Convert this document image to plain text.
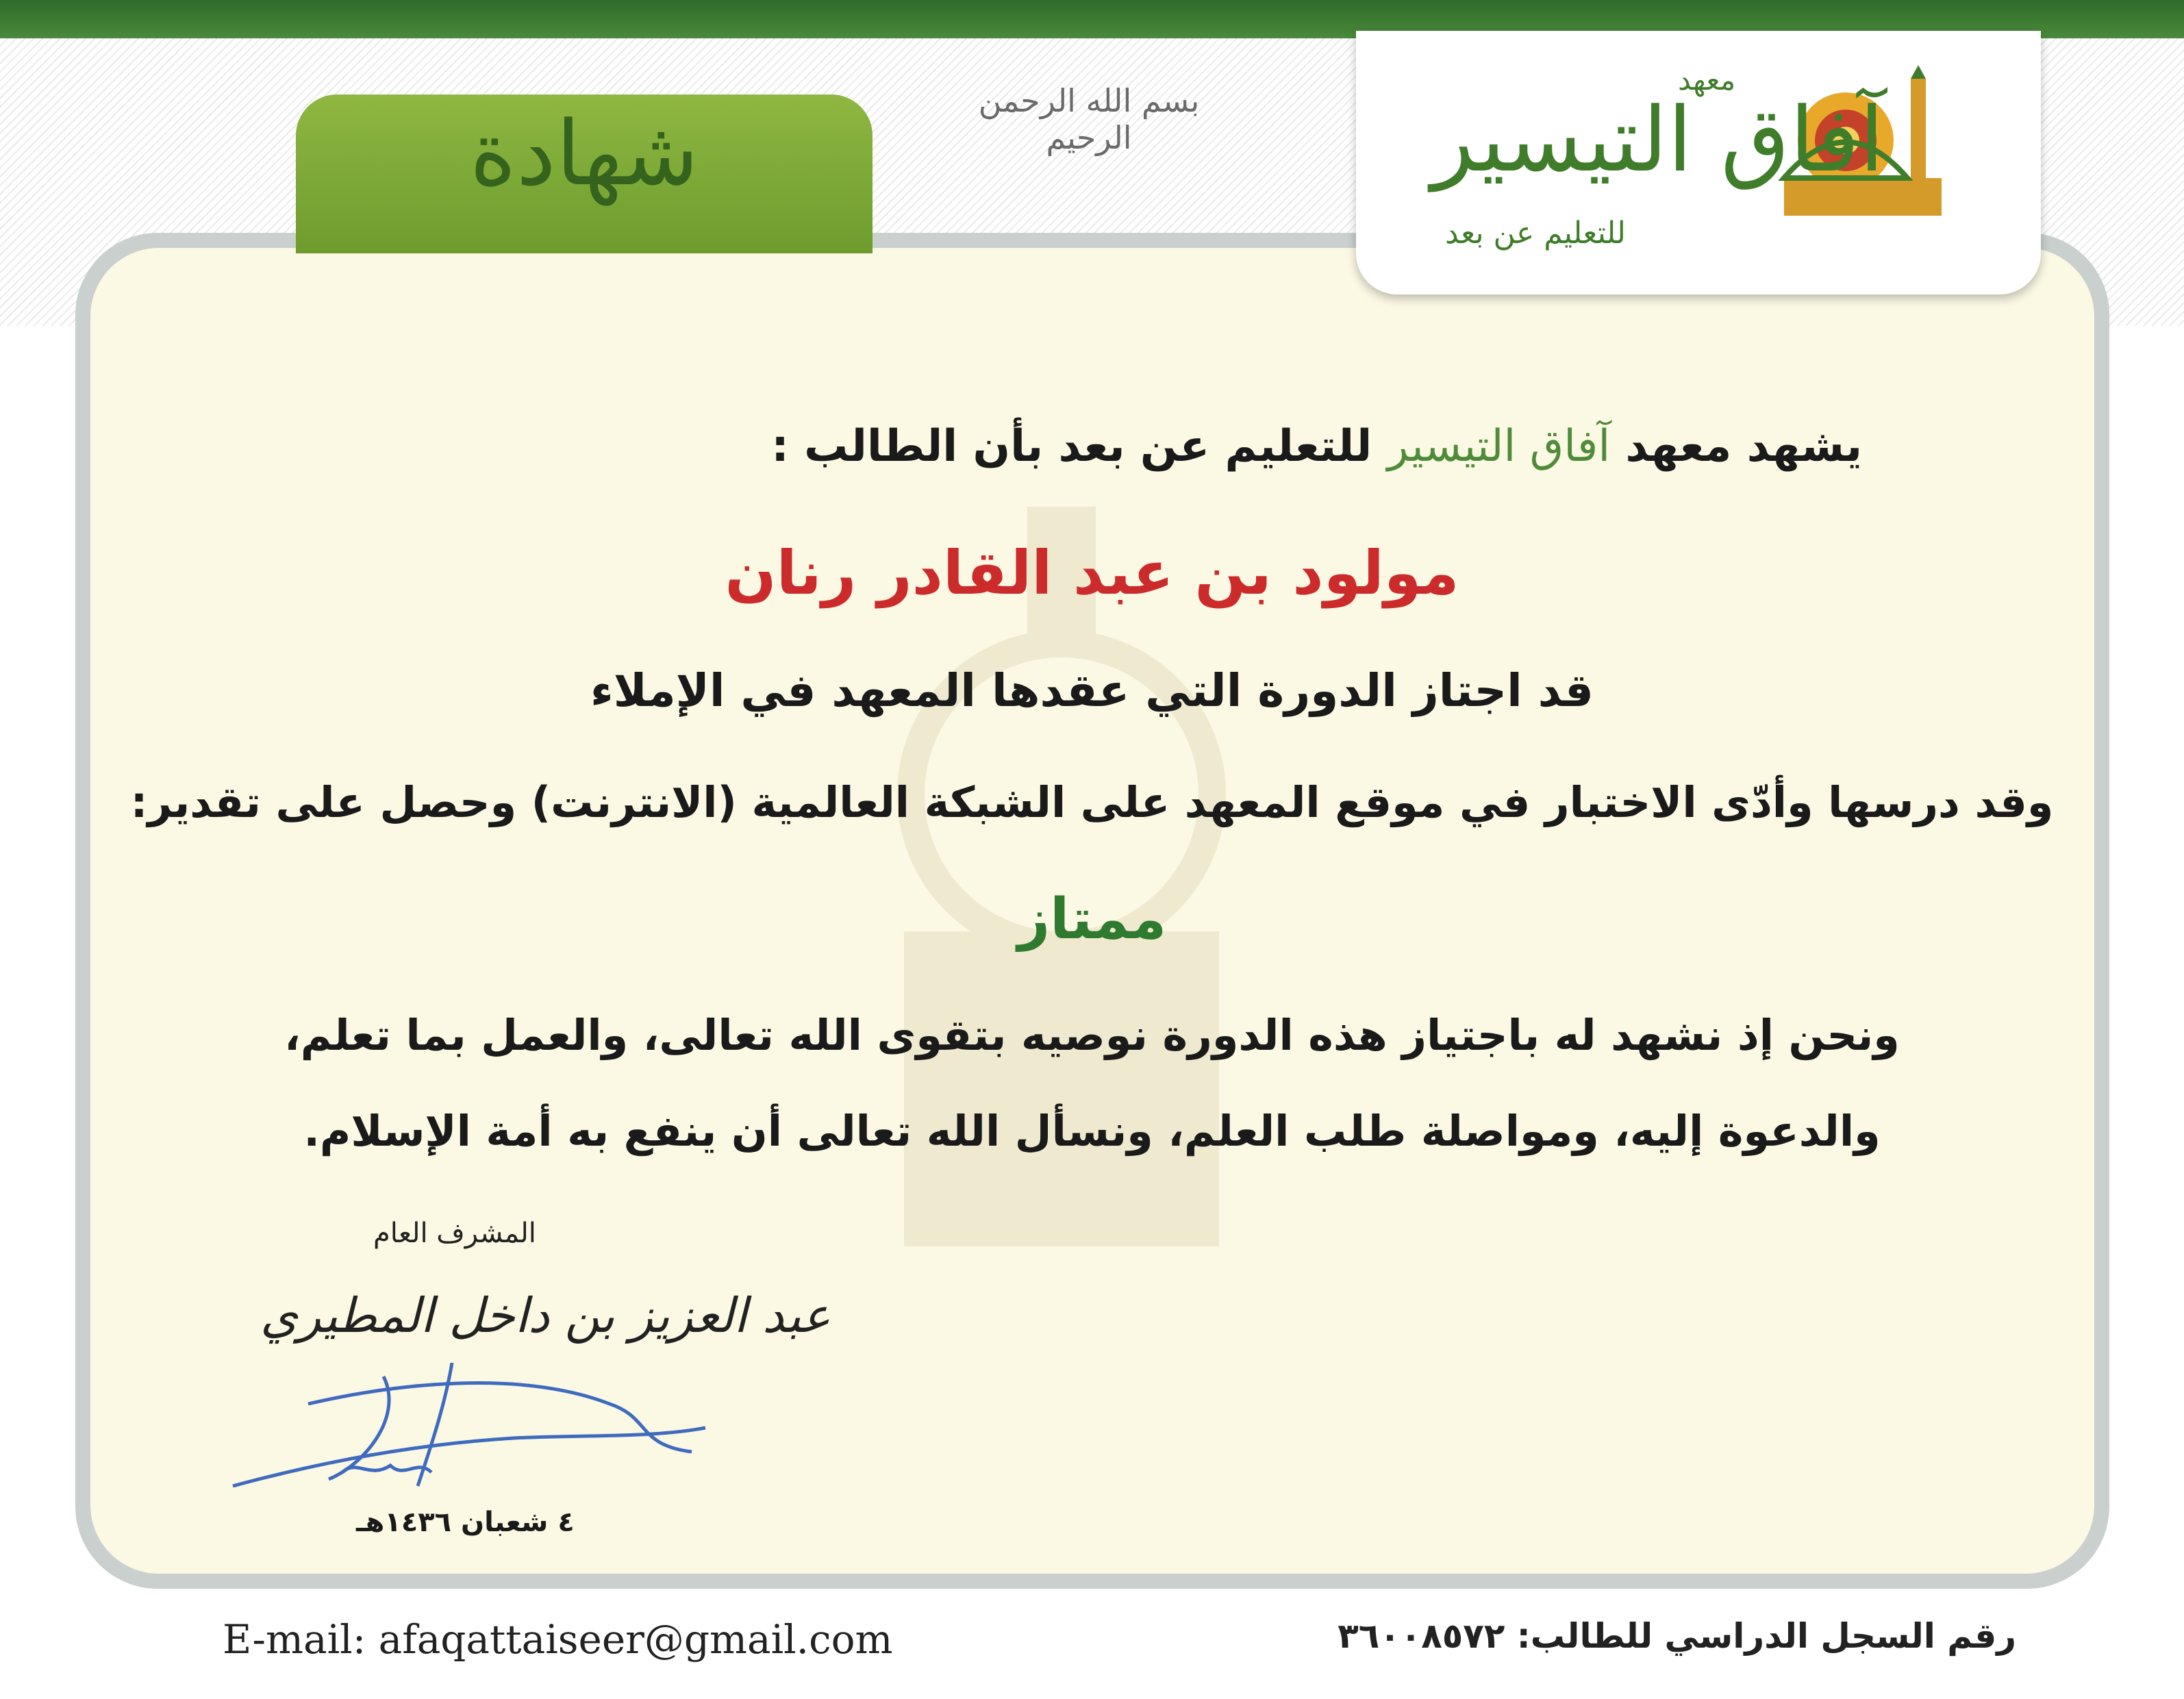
شهادة
بسم الله الرحمن الرحيم
معهد
آفاق التيسير
للتعليم عن بعد
يشهد معهد آفاق التيسير للتعليم عن بعد بأن الطالب :
مولود بن عبد القادر رنان
قد اجتاز الدورة التي عقدها المعهد في الإملاء
وقد درسها وأدّى الاختبار في موقع المعهد على الشبكة العالمية (الانترنت) وحصل على تقدير:
ممتاز
ونحن إذ نشهد له باجتياز هذه الدورة نوصيه بتقوى الله تعالى، والعمل بما تعلم،
والدعوة إليه، ومواصلة طلب العلم، ونسأل الله تعالى أن ينفع به أمة الإسلام.
المشرف العام
عبد العزيز بن داخل المطيري
٤ شعبان ١٤٣٦هـ
E-mail: afaqattaiseer@gmail.com	رقم السجل الدراسي للطالب: ٣٦٠٠٨٥٧٢
